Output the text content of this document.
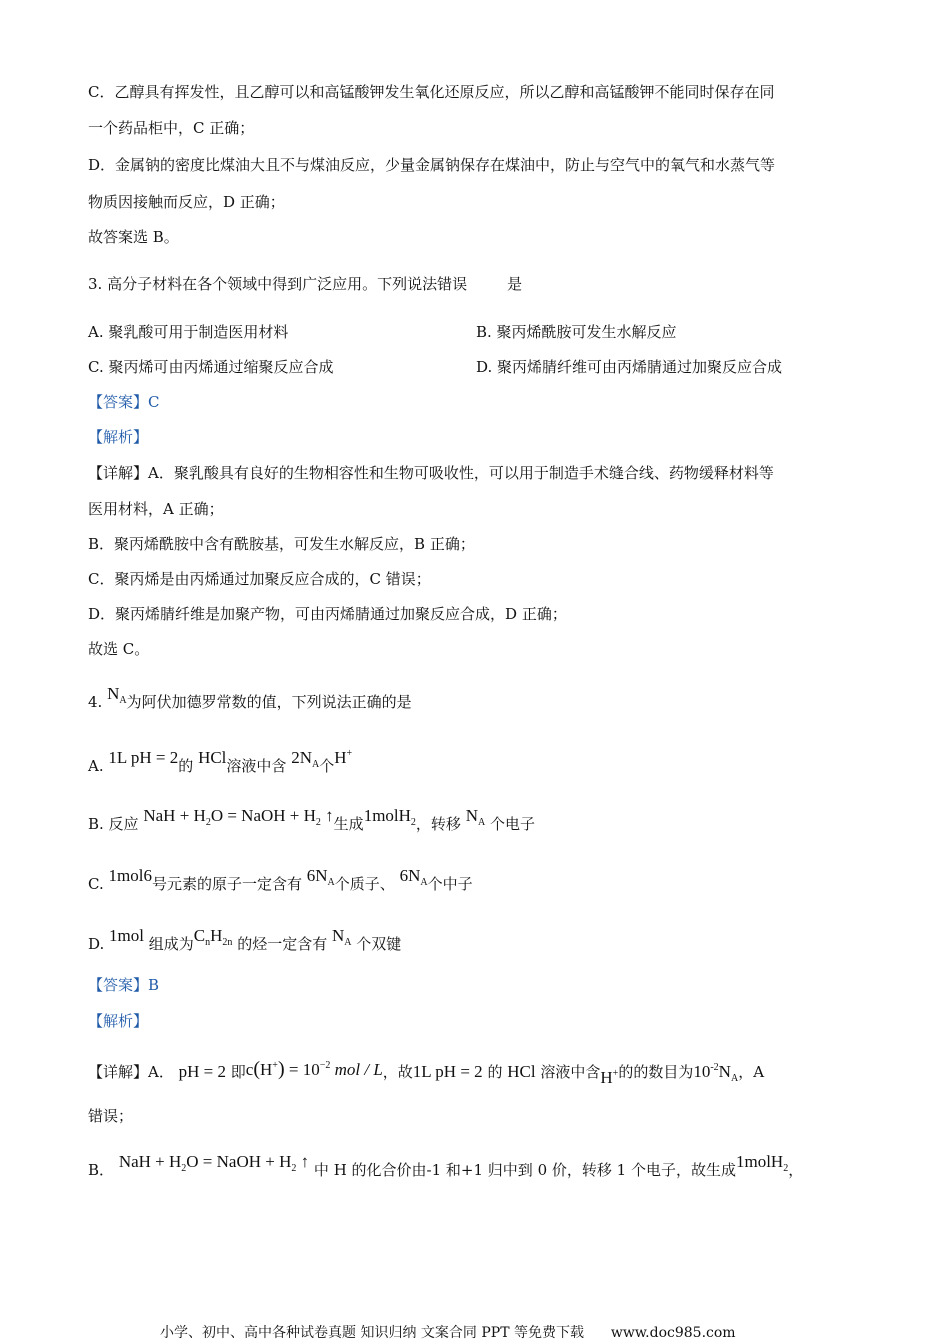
C．乙醇具有挥发性，且乙醇可以和高锰酸钾发生氧化还原反应，所以乙醇和高锰酸钾不能同时保存在同
一个药品柜中，C 正确；
D．金属钠的密度比煤油大且不与煤油反应，少量金属钠保存在煤油中，防止与空气中的氧气和水蒸气等
物质因接触而反应，D 正确；
故答案选 B。
3. 高分子材料在各个领域中得到广泛应用。下列说法错误	是
A. 聚乳酸可用于制造医用材料	B. 聚丙烯酰胺可发生水解反应
C. 聚丙烯可由丙烯通过缩聚反应合成	D. 聚丙烯腈纤维可由丙烯腈通过加聚反应合成
【答案】C
【解析】
【详解】A．聚乳酸具有良好的生物相容性和生物可吸收性，可以用于制造手术缝合线、药物缓释材料等
医用材料，A 正确；
B．聚丙烯酰胺中含有酰胺基，可发生水解反应，B 正确；
C．聚丙烯是由丙烯通过加聚反应合成的，C 错误；
D．聚丙烯腈纤维是加聚产物，可由丙烯腈通过加聚反应合成，D 正确；
故选 C。
4. $N_A$为阿伏加德罗常数的值，下列说法正确的是
A. 1L pH = 2的 HCl溶液中含 $2N_A$个H+
B. 反应 NaH + $H_2O$ = NaOH + $H_2$ ↑生成1molH$_2$，转移 $N_A$ 个电子
C. 1mol6号元素的原子一定含有 $6N_A$个质子、 $6N_A$个中子
D. 1mol 组成为$C_nH_{2n}$ 的烃一定含有 $N_A$ 个双键
【答案】B
【解析】
【详解】A． pH = 2 即$c(H^+) = 10^{-2}$ mol / L，故1L pH = 2 的 HCl 溶液中含H+的的数目为$10^{-2}N_A$，A
错误；
B． NaH + $H_2O$ = NaOH + $H_2$ ↑ 中 H 的化合价由-1 和+1 归中到 0 价，转移 1 个电子，故生成1molH$_2$，
小学、初中、高中各种试卷真题 知识归纳 文案合同 PPT 等免费下载 www.doc985.com
